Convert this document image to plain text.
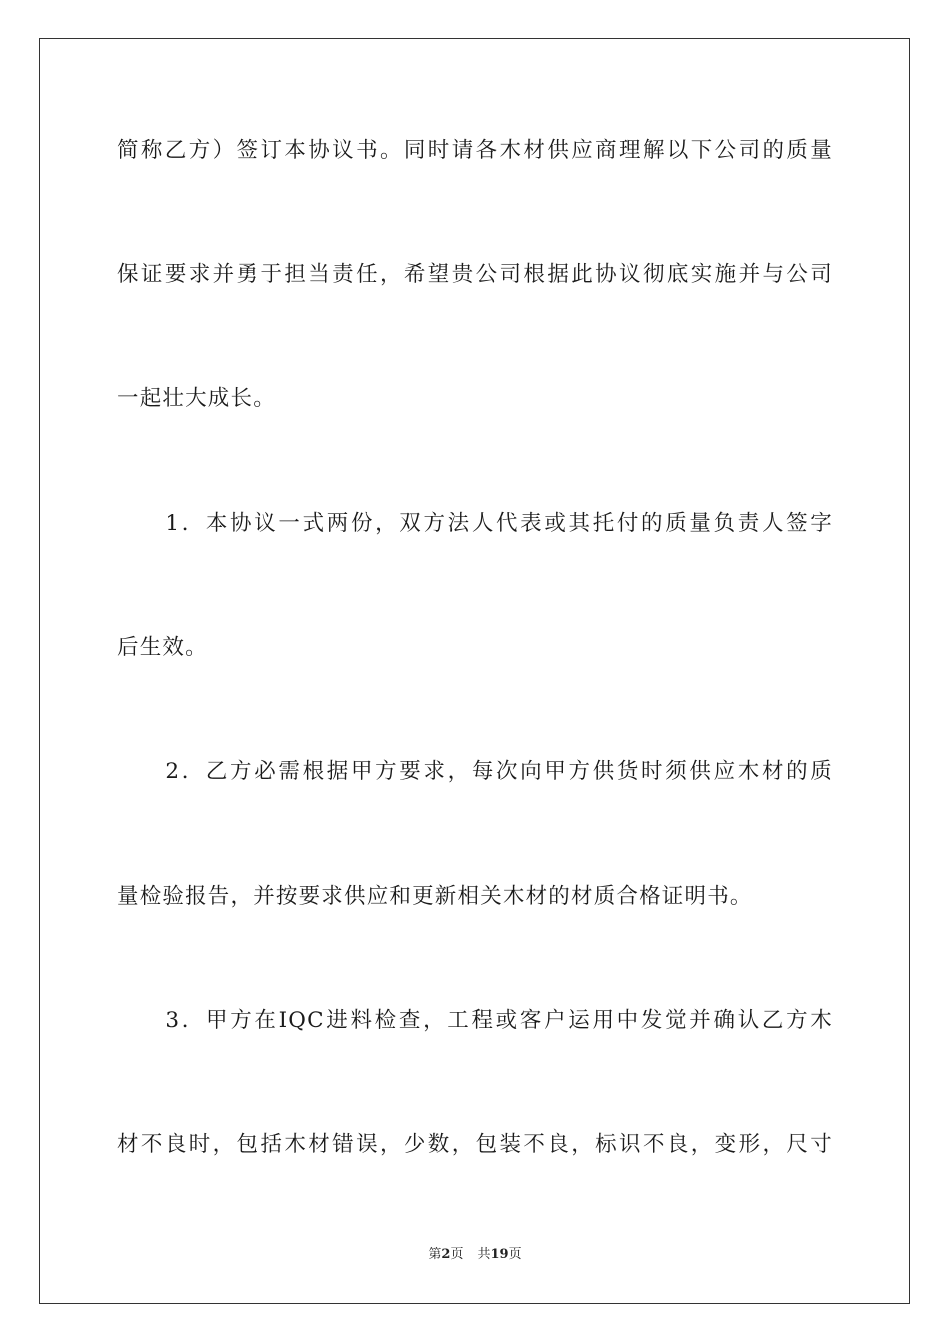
简称乙方）签订本协议书。同时请各木材供应商理解以下公司的质量
保证要求并勇于担当责任，希望贵公司根据此协议彻底实施并与公司
一起壮大成长。
　　1．本协议一式两份，双方法人代表或其托付的质量负责人签字
后生效。
　　2．乙方必需根据甲方要求，每次向甲方供货时须供应木材的质
量检验报告，并按要求供应和更新相关木材的材质合格证明书。
　　3．甲方在IQC进料检查，工程或客户运用中发觉并确认乙方木
材不良时，包括木材错误，少数，包装不良，标识不良，变形，尺寸
第2页 共19页
